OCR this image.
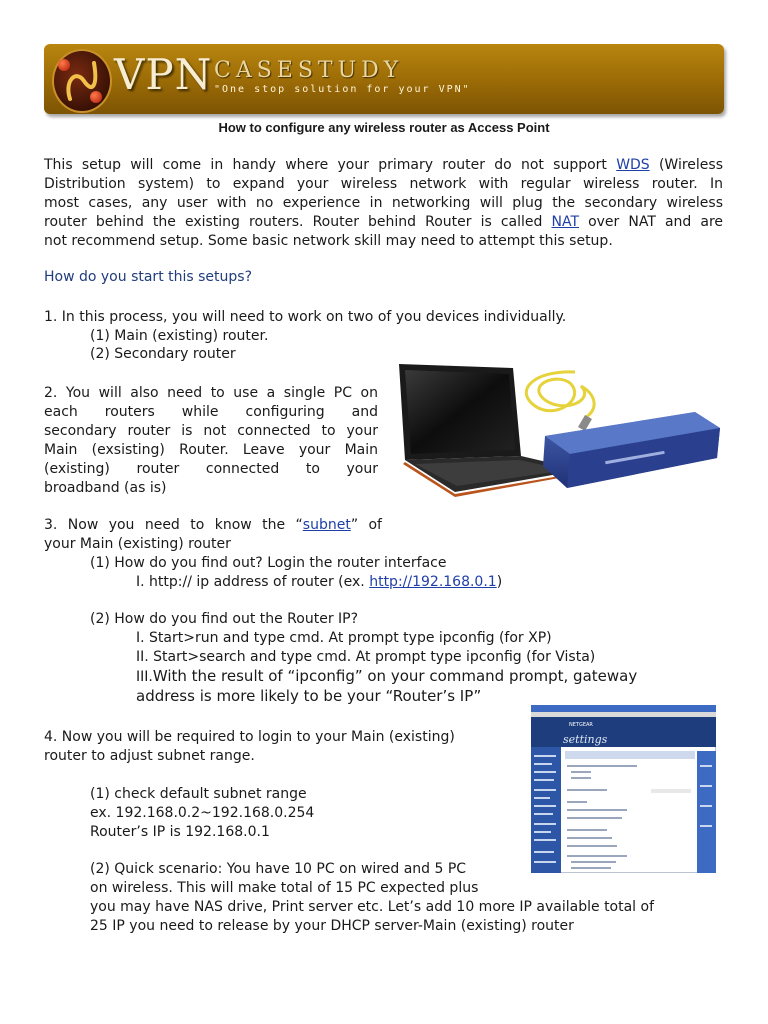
VPN CASESTUDY
"One stop solution for your VPN"
How to configure any wireless router as Access Point

This setup will come in handy where your primary router do not support WDS (Wireless

Distribution system) to expand your wireless network with regular wireless router. In

most cases, any user with no experience in networking will plug the secondary wireless

router behind the existing routers. Router behind Router is called NAT over NAT and are

not recommend setup. Some basic network skill may need to attempt this setup.

How do you start this setups?

1. In this process, you will need to work on two of you devices individually.

(1) Main (existing) router.

(2) Secondary router

2. You will also need to use a single PC on

each routers while configuring and

secondary router is not connected to your

Main (exsisting) Router. Leave your Main

(existing) router connected to your

broadband (as is)

3. Now you need to know the “subnet” of

your Main (existing) router

(1) How do you find out? Login the router interface

I. http:// ip address of router (ex. http://192.168.0.1)

(2) How do you find out the Router IP?

I. Start>run and type cmd. At prompt type ipconfig (for XP)

II. Start>search and type cmd. At prompt type ipconfig (for Vista)

III.With the result of “ipconfig” on your command prompt, gateway

address is more likely to be your “Router’s IP”

NETGEAR
settings

4. Now you will be required to login to your Main (existing)

router to adjust subnet range.

(1) check default subnet range

ex. 192.168.0.2~192.168.0.254

Router’s IP is 192.168.0.1

(2) Quick scenario: You have 10 PC on wired and 5 PC

on wireless. This will make total of 15 PC expected plus

you may have NAS drive, Print server etc. Let’s add 10 more IP available total of

25 IP you need to release by your DHCP server-Main (existing) router
